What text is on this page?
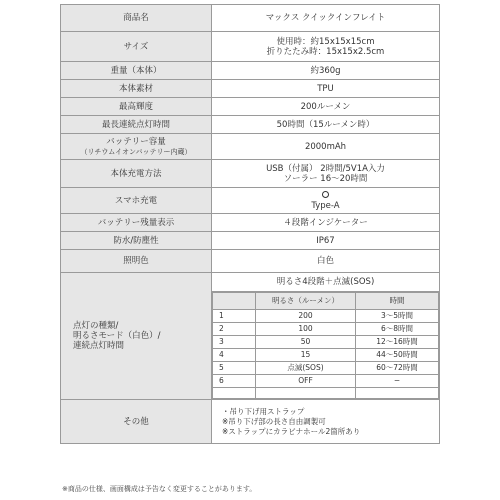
商品名	マックス クイックインフレイト
サイズ	使用時：約15x15x15cm
折りたたみ時：15x15x2.5cm

重量（本体）	約360g
本体素材	TPU
最高輝度	200ルーメン
最長連続点灯時間	50時間（15ルーメン時）

バッテリー容量
（リチウムイオンバッテリー内蔵）	2000mAh
本体充電方法	USB（付属） 2時間/5V1A入力
ソーラー 16〜20時間

スマホ充電	Type-A

バッテリー残量表示	４段階インジケーター
防水/防塵性	IP67
照明色	白色

点灯の種類/
明るさモード（白色）/
連続点灯時間

明るさ4段階＋点滅(SOS)
	明るさ（ルーメン）	時間
1	200	3〜5時間
2	100	6〜8時間
3	50	12〜16時間
4	15	44〜50時間
5	点滅(SOS)	60〜72時間
6	OFF	−

その他	
・吊り下げ用ストラップ
※吊り下げ部の長さ自由調製可
※ストラップにカラビナホール2箇所あり
※商品の仕様、画面構成は予告なく変更することがあります。
